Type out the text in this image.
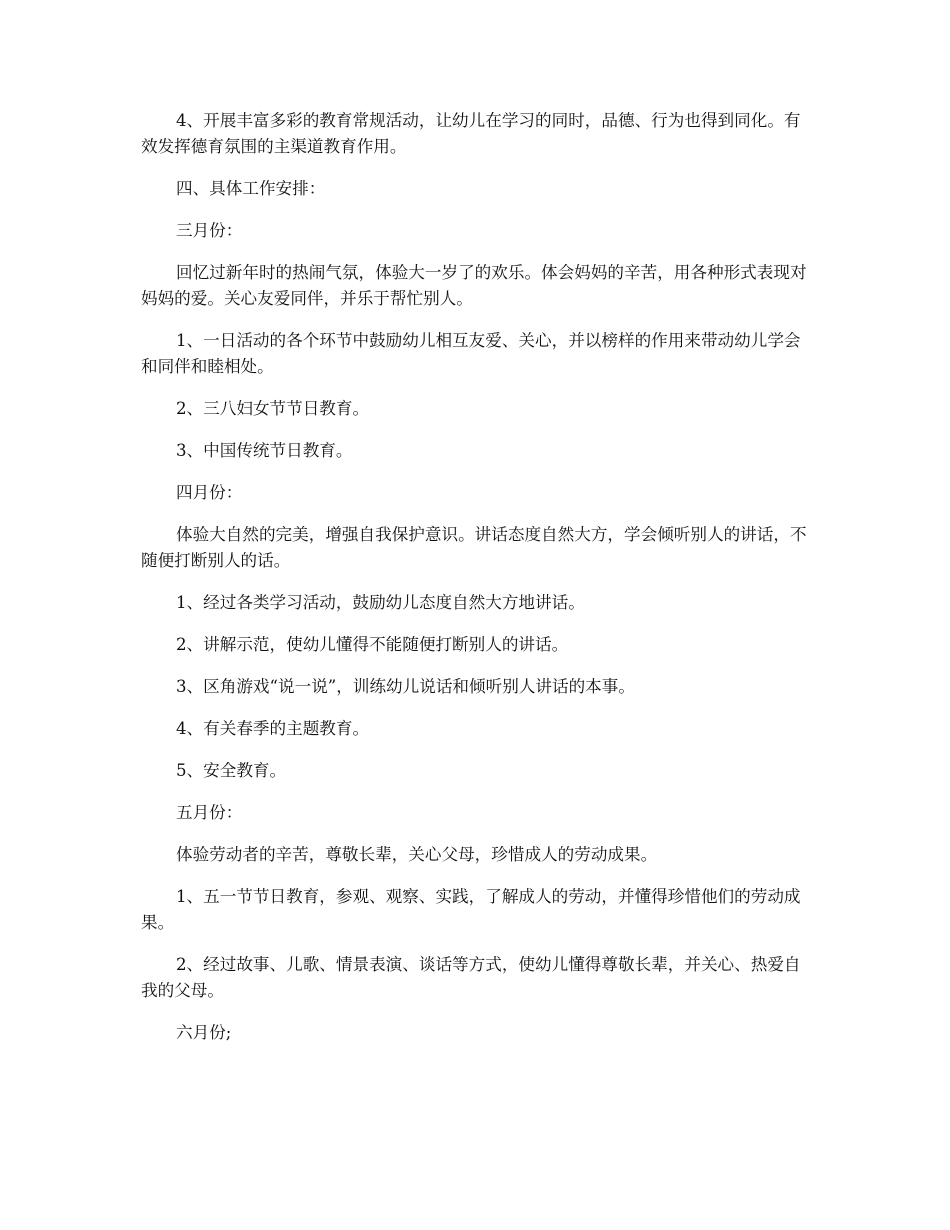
4、开展丰富多彩的教育常规活动，让幼儿在学习的同时，品德、行为也得到同化。有效发挥德育氛围的主渠道教育作用。

四、具体工作安排：

三月份：

回忆过新年时的热闹气氛，体验大一岁了的欢乐。体会妈妈的辛苦，用各种形式表现对妈妈的爱。关心友爱同伴，并乐于帮忙别人。

1、一日活动的各个环节中鼓励幼儿相互友爱、关心，并以榜样的作用来带动幼儿学会和同伴和睦相处。

2、三八妇女节节日教育。

3、中国传统节日教育。

四月份：

体验大自然的完美，增强自我保护意识。讲话态度自然大方，学会倾听别人的讲话，不随便打断别人的话。

1、经过各类学习活动，鼓励幼儿态度自然大方地讲话。

2、讲解示范，使幼儿懂得不能随便打断别人的讲话。

3、区角游戏“说一说”，训练幼儿说话和倾听别人讲话的本事。

4、有关春季的主题教育。

5、安全教育。

五月份：

体验劳动者的辛苦，尊敬长辈，关心父母，珍惜成人的劳动成果。

1、五一节节日教育，参观、观察、实践，了解成人的劳动，并懂得珍惜他们的劳动成果。

2、经过故事、儿歌、情景表演、谈话等方式，使幼儿懂得尊敬长辈，并关心、热爱自我的父母。

六月份;
